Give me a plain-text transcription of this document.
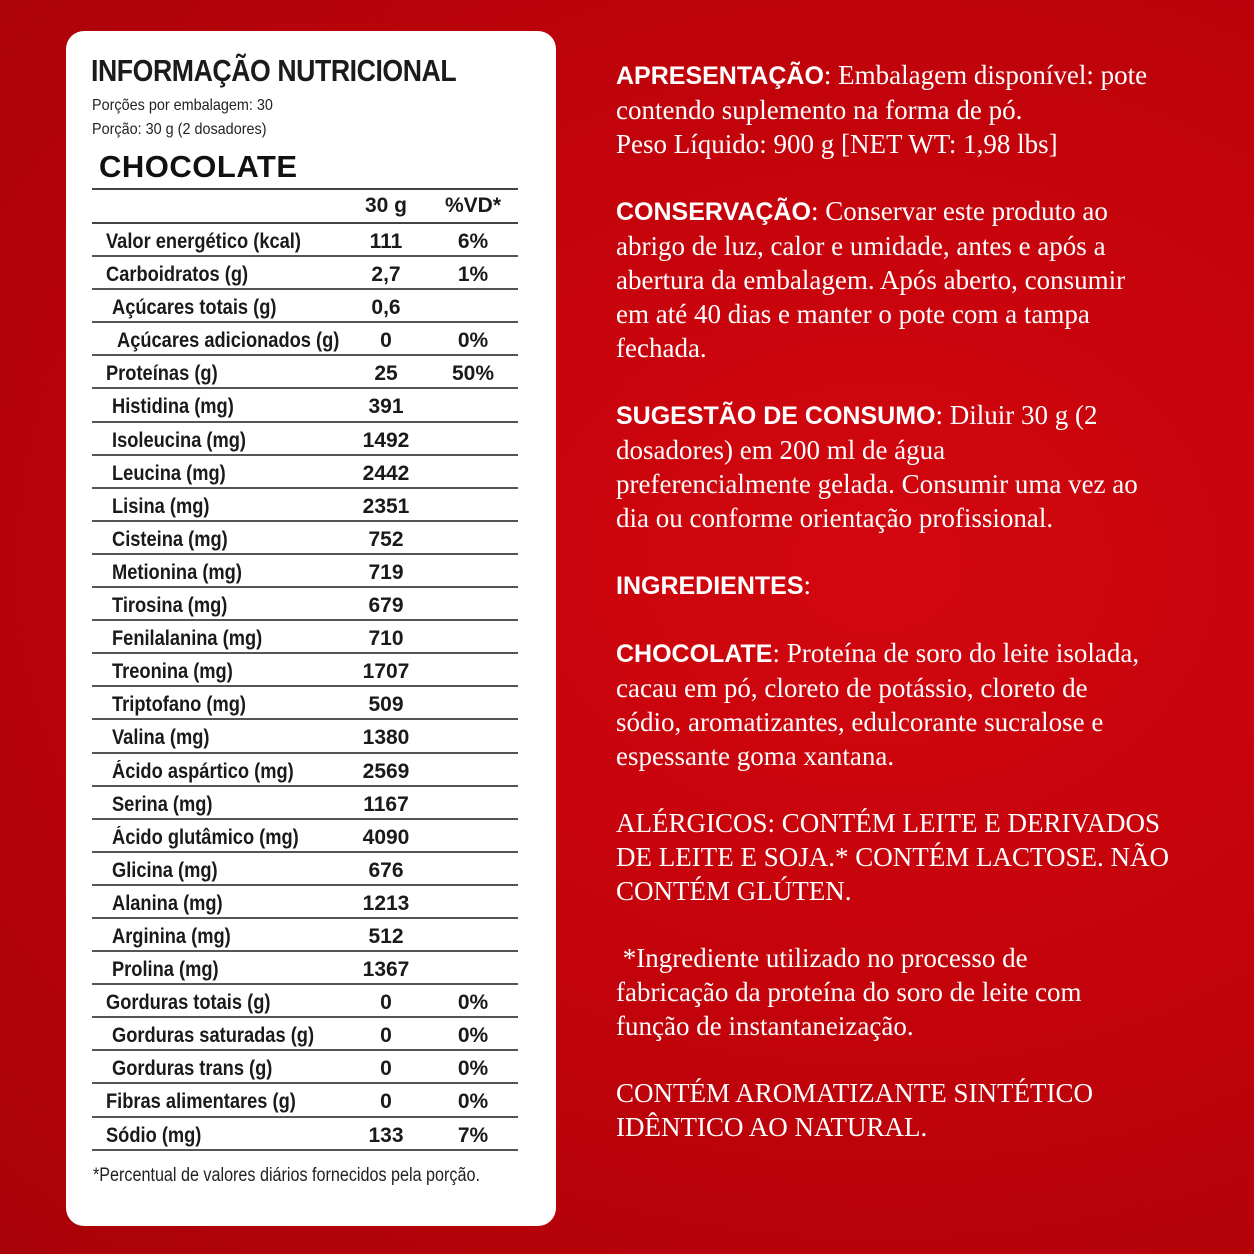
INFORMAÇÃO NUTRICIONAL
Porções por embalagem: 30
Porção: 30 g (2 dosadores)
CHOCOLATE
30 g	%VD*
Valor energético (kcal)	111	6%
Carboidratos (g)	2,7	1%
Açúcares totais (g)	0,6
Açúcares adicionados (g)	0	0%
Proteínas (g)	25	50%
Histidina (mg)	391
Isoleucina (mg)	1492
Leucina (mg)	2442
Lisina (mg)	2351
Cisteina (mg)	752
Metionina (mg)	719
Tirosina (mg)	679
Fenilalanina (mg)	710
Treonina (mg)	1707
Triptofano (mg)	509
Valina (mg)	1380
Ácido aspártico (mg)	2569
Serina (mg)	1167
Ácido glutâmico (mg)	4090
Glicina (mg)	676
Alanina (mg)	1213
Arginina (mg)	512
Prolina (mg)	1367
Gorduras totais (g)	0	0%
Gorduras saturadas (g)	0	0%
Gorduras trans (g)	0	0%
Fibras alimentares (g)	0	0%
Sódio (mg)	133	7%
*Percentual de valores diários fornecidos pela porção.
APRESENTAÇÃO: Embalagem disponível: pote
contendo suplemento na forma de pó.
Peso Líquido: 900 g [NET WT: 1,98 lbs]
CONSERVAÇÃO: Conservar este produto ao
abrigo de luz, calor e umidade, antes e após a
abertura da embalagem. Após aberto, consumir
em até 40 dias e manter o pote com a tampa
fechada.
SUGESTÃO DE CONSUMO: Diluir 30 g (2
dosadores) em 200 ml de água
preferencialmente gelada. Consumir uma vez ao
dia ou conforme orientação profissional.
INGREDIENTES:
CHOCOLATE: Proteína de soro do leite isolada,
cacau em pó, cloreto de potássio, cloreto de
sódio, aromatizantes, edulcorante sucralose e
espessante goma xantana.
ALÉRGICOS: CONTÉM LEITE E DERIVADOS
DE LEITE E SOJA.* CONTÉM LACTOSE. NÃO
CONTÉM GLÚTEN.
*Ingrediente utilizado no processo de
fabricação da proteína do soro de leite com
função de instantaneização.
CONTÉM AROMATIZANTE SINTÉTICO
IDÊNTICO AO NATURAL.
